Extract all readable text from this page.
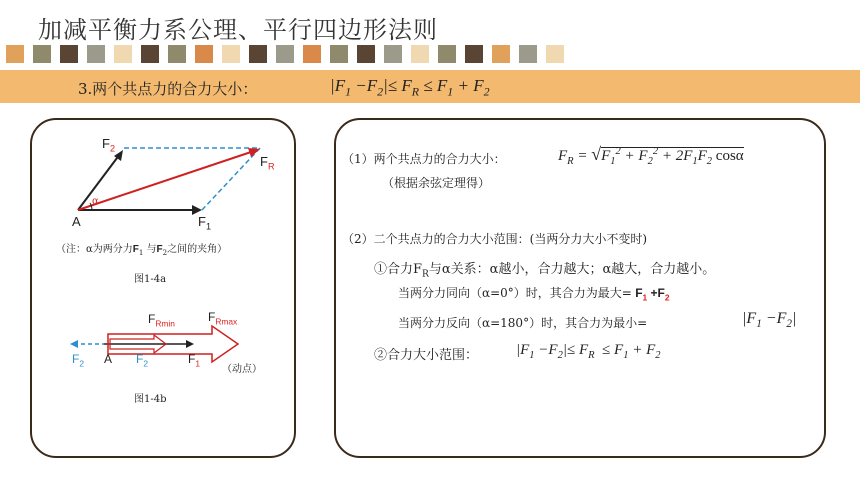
加减平衡力系公理、平行四边形法则
3.两个共点力的合力大小：	$|F_1 -F_2|\le F_R \le F_1 + F_2$
$F_2$
$F_R$
A
α
$F_1$
（注：α为两分力$F_1$ 与$F_2$之间的夹角）
图1-4a
$F_{Rmin}$	$F_{Rmax}$
$F_2$ A $F_2$	$F_1$
（动点）
图1-4b
（1）两个共点力的合力大小：	$F_R = √F_1^2 + F_2^2 + 2F_1F_2$ cosα
（根据余弦定理得）
（2）二个共点力的合力大小范围：(当两分力大小不变时)
①合力$F_R$与α关系：α越小，合力越大；α越大，合力越小。
当两分力同向（α=0°）时，其合力为最大= $F_1 +F_2$
当两分力反向（α=180°）时，其合力为最小=	$|F_1 -F_2|$
②合力大小范围：	$|F_1 -F_2|\le F_R \le F_1 + F_2$
